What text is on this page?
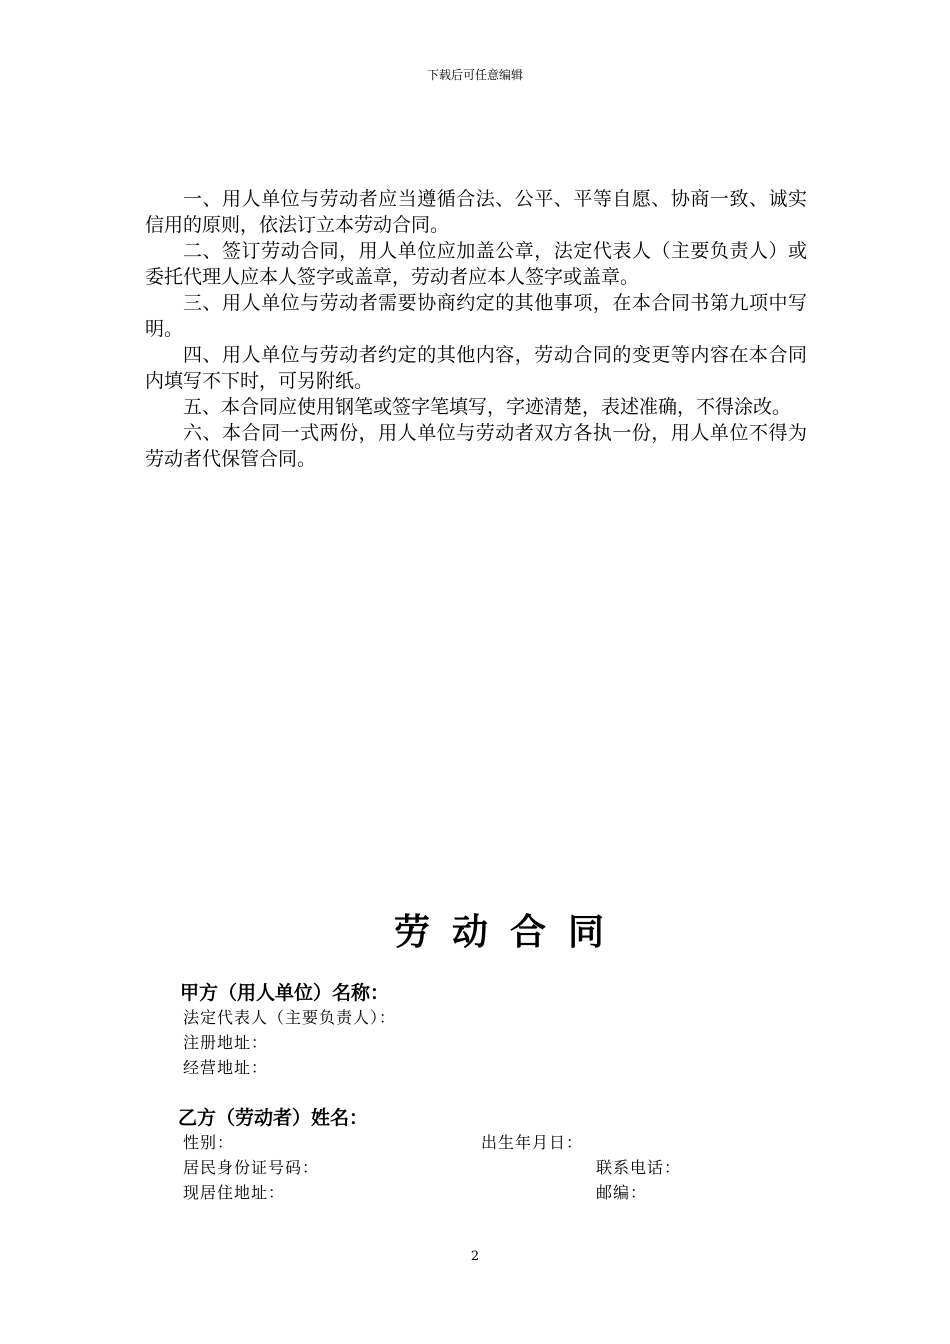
下载后可任意编辑

一、用人单位与劳动者应当遵循合法、公平、平等自愿、协商一致、诚实信用的原则，依法订立本劳动合同。

二、签订劳动合同，用人单位应加盖公章，法定代表人（主要负责人）或委托代理人应本人签字或盖章，劳动者应本人签字或盖章。

三、用人单位与劳动者需要协商约定的其他事项，在本合同书第九项中写明。

四、用人单位与劳动者约定的其他内容，劳动合同的变更等内容在本合同内填写不下时，可另附纸。

五、本合同应使用钢笔或签字笔填写，字迹清楚，表述准确，不得涂改。

六、本合同一式两份，用人单位与劳动者双方各执一份，用人单位不得为劳动者代保管合同。

劳动合同
甲方（用人单位）名称：
法定代表人（主要负责人）：
注册地址：
经营地址：
乙方（劳动者）姓名：
性别：	出生年月日：
居民身份证号码：	联系电话：
现居住地址：	邮编：
2
